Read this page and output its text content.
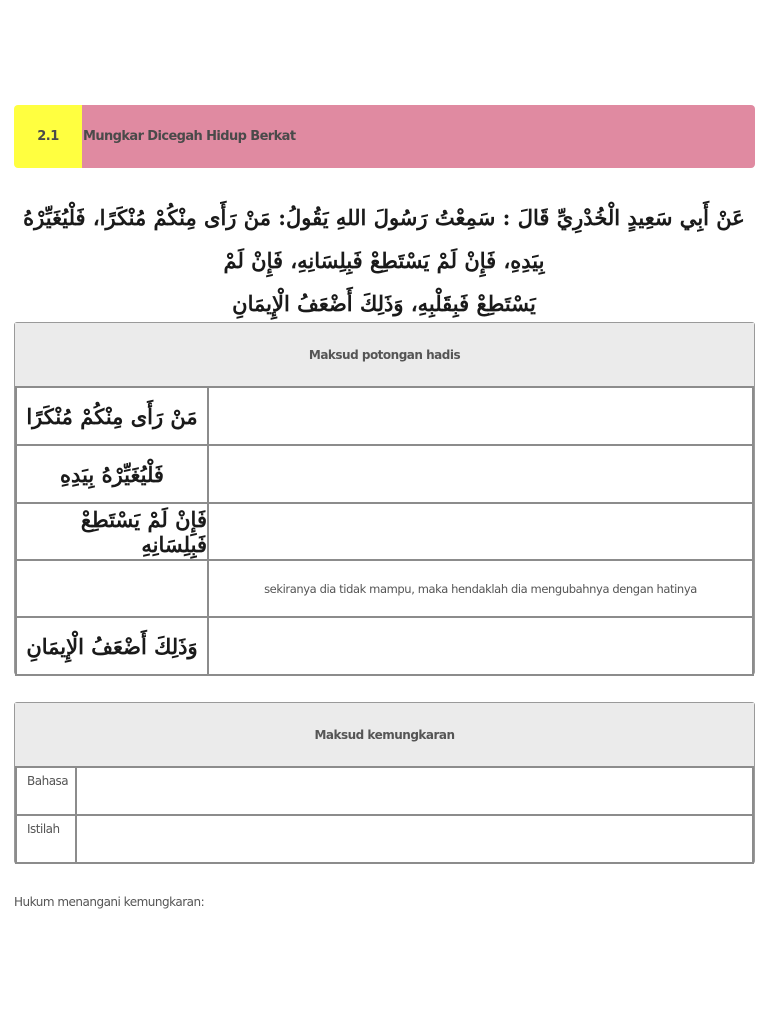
2.1	Mungkar Dicegah Hidup Berkat
عَنْ أَبِي سَعِيدٍ الْخُدْرِيِّ قَالَ : سَمِعْتُ رَسُولَ اللهِ يَقُولُ: مَنْ رَأَى مِنْكُمْ مُنْكَرًا، فَلْيُغَيِّرْهُ بِيَدِهِ، فَإِنْ لَمْ يَسْتَطِعْ فَبِلِسَانِهِ، فَإِنْ لَمْ
يَسْتَطِعْ فَبِقَلْبِهِ، وَذَلِكَ أَضْعَفُ الْإِيمَانِ
Maksud potongan hadis
مَنْ رَأَى مِنْكُمْ مُنْكَرًا
فَلْيُغَيِّرْهُ بِيَدِهِ
فَإِنْ لَمْ يَسْتَطِعْ فَبِلِسَانِهِ
sekiranya dia tidak mampu, maka hendaklah dia mengubahnya dengan hatinya
وَذَلِكَ أَضْعَفُ الْإِيمَانِ
Maksud kemungkaran
Bahasa
Istilah
Hukum menangani kemungkaran:
